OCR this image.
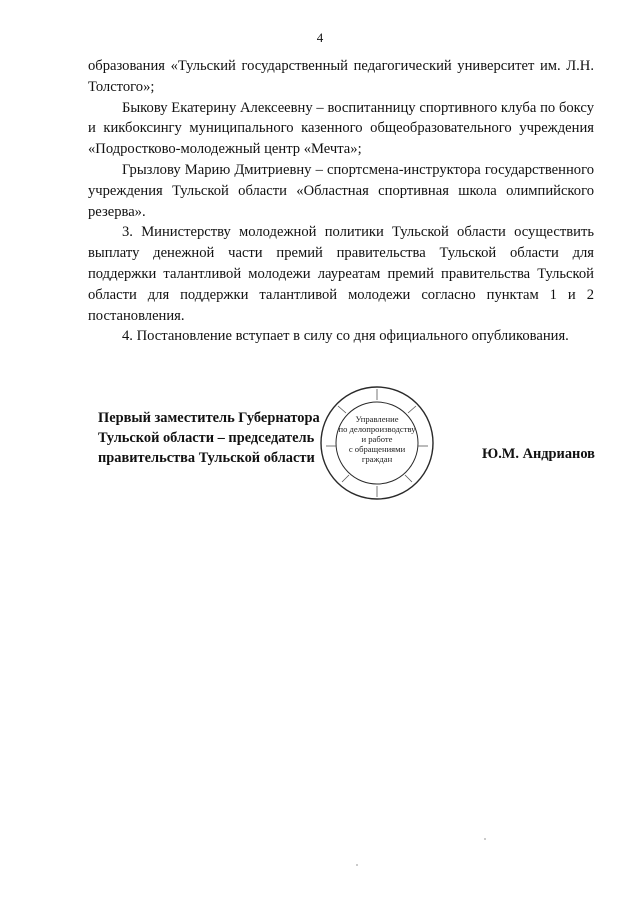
4

образования «Тульский государственный педагогический университет им. Л.Н. Толстого»;

Быкову Екатерину Алексеевну – воспитанницу спортивного клуба по боксу и кикбоксингу муниципального казенного общеобразовательного учреждения «Подростково-молодежный центр «Мечта»;

Грызлову Марию Дмитриевну – спортсмена-инструктора государственного учреждения Тульской области «Областная спортивная школа олимпийского резерва».

3. Министерству молодежной политики Тульской области осуществить выплату денежной части премий правительства Тульской области для поддержки талантливой молодежи лауреатам премий правительства Тульской области для поддержки талантливой молодежи согласно пунктам 1 и 2 постановления.

4. Постановление вступает в силу со дня официального опубликования.

Управление
по делопроизводству
и работе
с обращениями
граждан
Первый заместитель Губернатора
Тульской области – председатель
правительства Тульской области	Ю.М. Андрианов
